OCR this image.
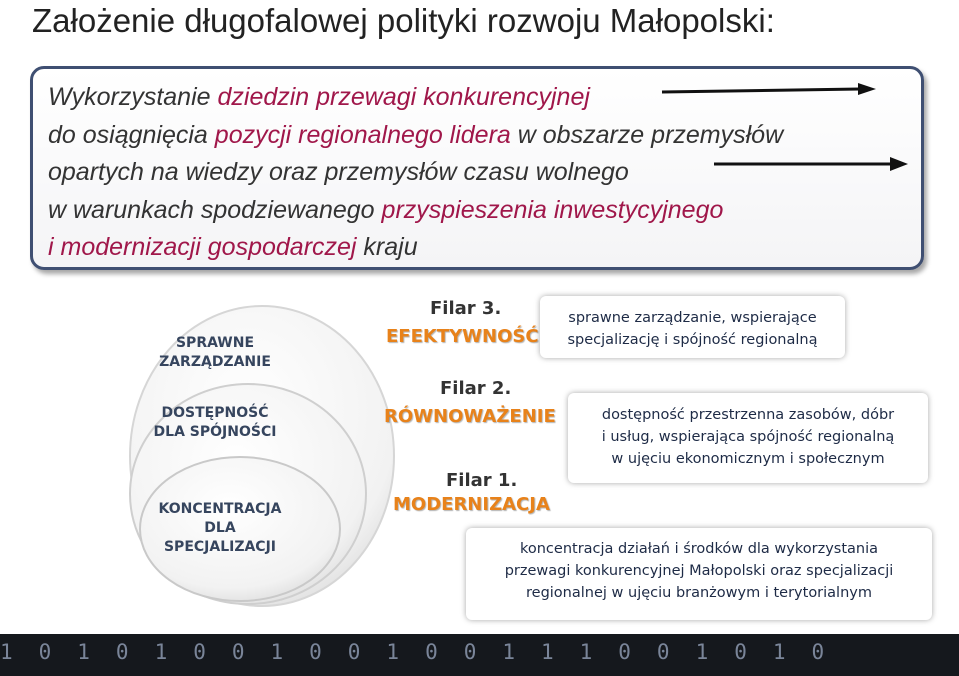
Założenie długofalowej polityki rozwoju Małopolski:
Wykorzystanie dziedzin przewagi konkurencyjnej
do osiągnięcia pozycji regionalnego lidera w obszarze przemysłów
opartych na wiedzy oraz przemysłów czasu wolnego
w warunkach spodziewanego przyspieszenia inwestycyjnego
i modernizacji gospodarczej kraju
SPRAWNE
ZARZĄDZANIE
DOSTĘPNOŚĆ
DLA SPÓJNOŚCI
KONCENTRACJA
DLA
SPECJALIZACJI
Filar 3.
EFEKTYWNOŚĆ
Filar 2.
RÓWNOWAŻENIE
Filar 1.
MODERNIZACJA
sprawne zarządzanie, wspierające
specjalizację i spójność regionalną
dostępność przestrzenna zasobów, dóbr
i usług, wspierająca spójność regionalną
w ujęciu ekonomicznym i społecznym
koncentracja działań i środków dla wykorzystania
przewagi konkurencyjnej Małopolski oraz specjalizacji
regionalnej w ujęciu branżowym i terytorialnym
1010100100100111001010
